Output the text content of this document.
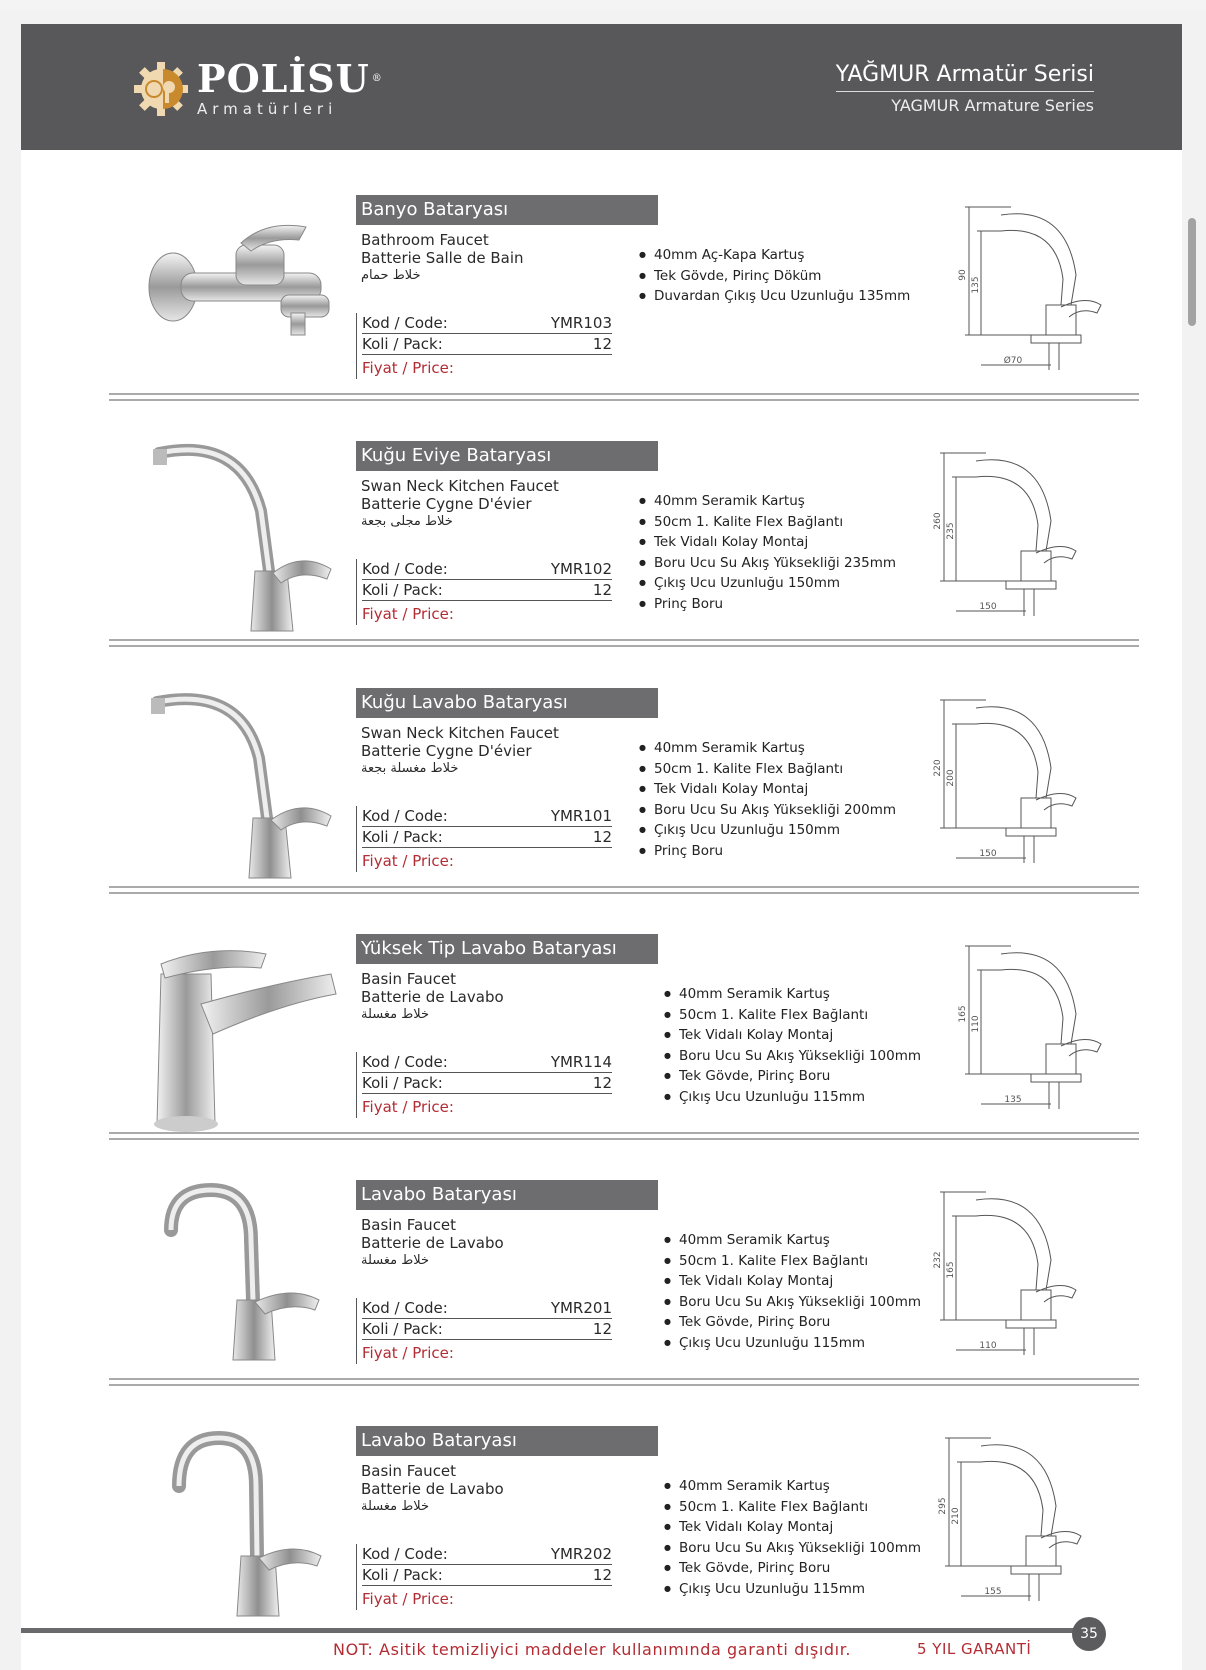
POLİSU ®
Armatürleri
YAĞMUR Armatür Serisi
YAGMUR Armature Series
Banyo Bataryası
Bathroom Faucet
Batterie Salle de Bain
خلاط حمام
Kod / Code:	YMR103
Koli / Pack:	12
Fiyat / Price:
● 40mm Aç-Kapa Kartuş
● Tek Gövde, Pirinç Döküm
● Duvardan Çıkış Ucu Uzunluğu 135mm
90
135
Ø70
Kuğu Eviye Bataryası
Swan Neck Kitchen Faucet
Batterie Cygne D'évier
خلاط مجلى بجعة
Kod / Code:	YMR102
Koli / Pack:	12
Fiyat / Price:
● 40mm Seramik Kartuş
● 50cm 1. Kalite Flex Bağlantı
● Tek Vidalı Kolay Montaj
● Boru Ucu Su Akış Yüksekliği 235mm
● Çıkış Ucu Uzunluğu 150mm
● Prinç Boru
260
235
150
Kuğu Lavabo Bataryası
Swan Neck Kitchen Faucet
Batterie Cygne D'évier
خلاط مغسلة بجعة
Kod / Code:	YMR101
Koli / Pack:	12
Fiyat / Price:
● 40mm Seramik Kartuş
● 50cm 1. Kalite Flex Bağlantı
● Tek Vidalı Kolay Montaj
● Boru Ucu Su Akış Yüksekliği 200mm
● Çıkış Ucu Uzunluğu 150mm
● Prinç Boru
220
200
150
Yüksek Tip Lavabo Bataryası
Basin Faucet
Batterie de Lavabo
خلاط مغسلة
Kod / Code:	YMR114
Koli / Pack:	12
Fiyat / Price:
● 40mm Seramik Kartuş
● 50cm 1. Kalite Flex Bağlantı
● Tek Vidalı Kolay Montaj
● Boru Ucu Su Akış Yüksekliği 100mm
● Tek Gövde, Pirinç Boru
● Çıkış Ucu Uzunluğu 115mm
165
110
135
Lavabo Bataryası
Basin Faucet
Batterie de Lavabo
خلاط مغسلة
Kod / Code:	YMR201
Koli / Pack:	12
Fiyat / Price:
● 40mm Seramik Kartuş
● 50cm 1. Kalite Flex Bağlantı
● Tek Vidalı Kolay Montaj
● Boru Ucu Su Akış Yüksekliği 100mm
● Tek Gövde, Pirinç Boru
● Çıkış Ucu Uzunluğu 115mm
232
165
110
Lavabo Bataryası
Basin Faucet
Batterie de Lavabo
خلاط مغسلة
Kod / Code:	YMR202
Koli / Pack:	12
Fiyat / Price:
● 40mm Seramik Kartuş
● 50cm 1. Kalite Flex Bağlantı
● Tek Vidalı Kolay Montaj
● Boru Ucu Su Akış Yüksekliği 100mm
● Tek Gövde, Pirinç Boru
● Çıkış Ucu Uzunluğu 115mm
295
210
155
35
NOT: Asitik temizliyici maddeler kullanımında garanti dışıdır.	5 YIL GARANTİ
